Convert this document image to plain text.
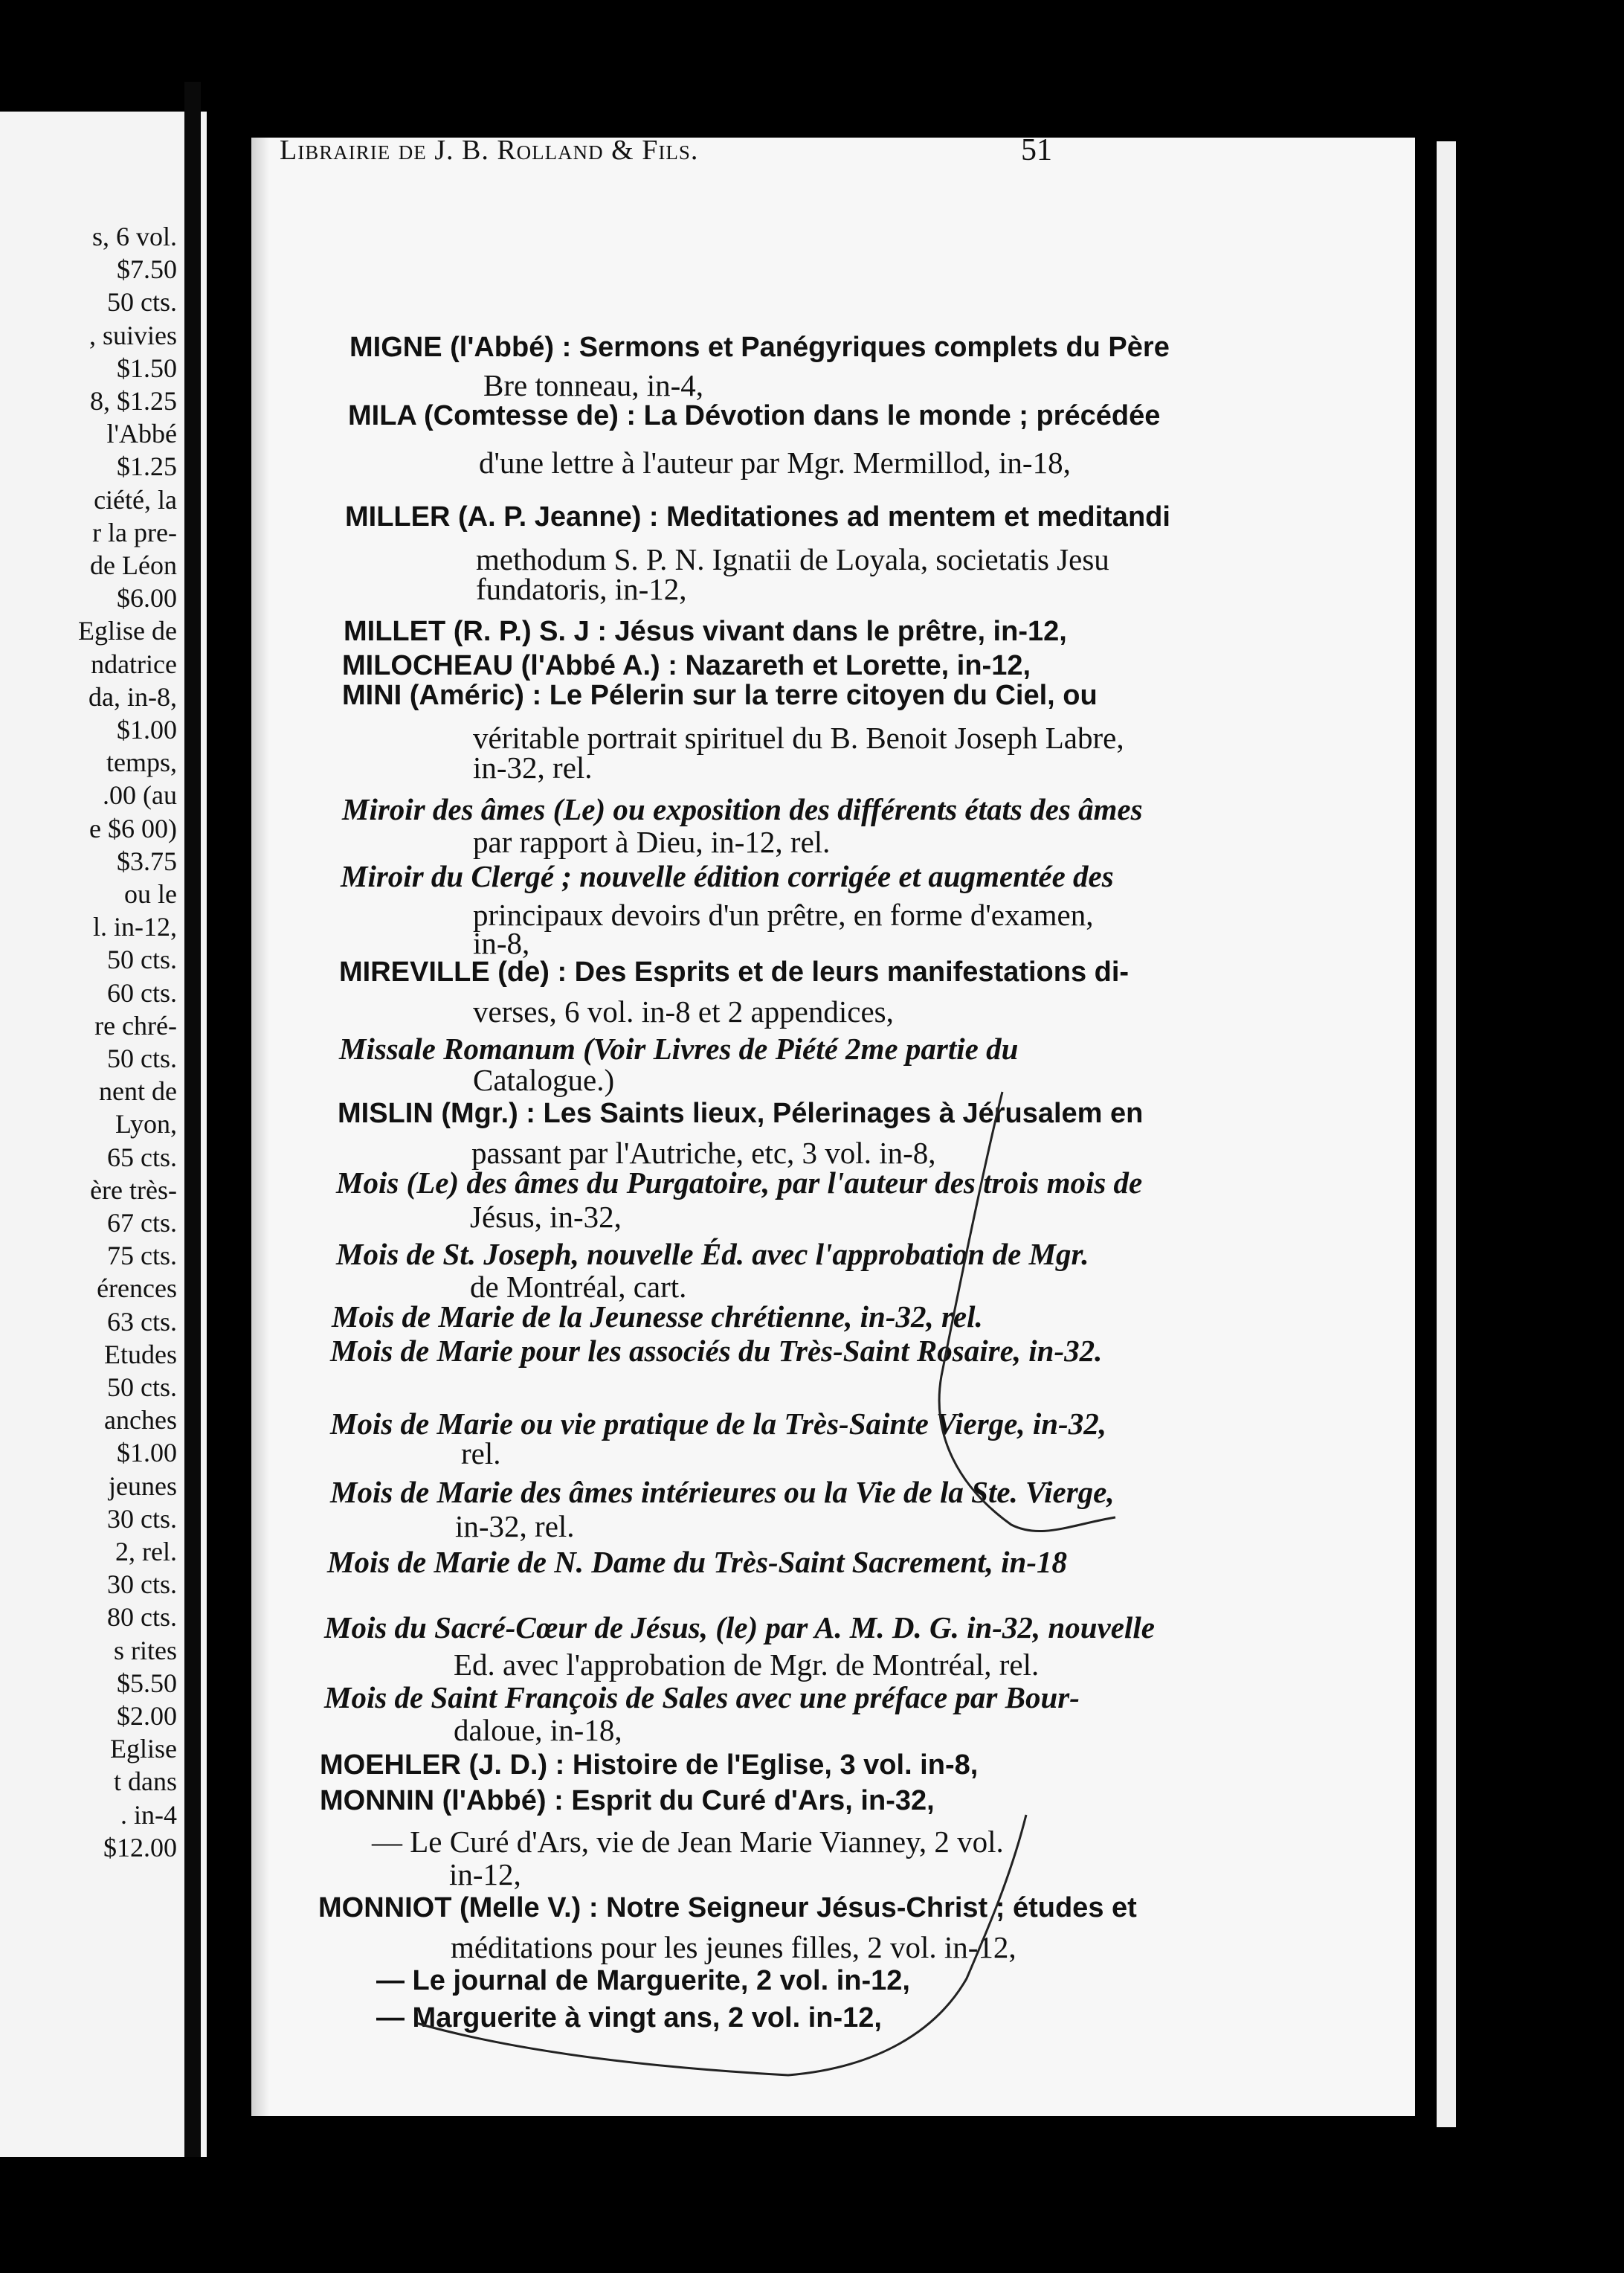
s, 6 vol.
$7.50
50 cts.
, suivies
$1.50
8, $1.25
l'Abbé
$1.25
ciété, la
r la pre-
de Léon
$6.00
Eglise de
ndatrice
da, in-8,
$1.00
temps,
.00 (au
e $6 00)
$3.75
ou le
l. in-12,
50 cts.
60 cts.
re chré-
50 cts.
nent de
Lyon,
65 cts.
ère très-
67 cts.
75 cts.
érences
63 cts.
Etudes
50 cts.
anches
$1.00
jeunes
30 cts.
2, rel.
30 cts.
80 cts.
s rites
$5.50
$2.00
Eglise
t dans
. in-4
$12.00
Librairie de J. B. Rolland & Fils.	51
MIGNE (l'Abbé) : Sermons et Panégyriques complets du Père
Bre tonneau, in-4,
MILA (Comtesse de) : La Dévotion dans le monde ; précédée
d'une lettre à l'auteur par Mgr. Mermillod, in-18,
MILLER (A. P. Jeanne) : Meditationes ad mentem et meditandi
methodum S. P. N. Ignatii de Loyala, societatis Jesu
fundatoris, in-12,
MILLET (R. P.) S. J : Jésus vivant dans le prêtre, in-12,
MILOCHEAU (l'Abbé A.) : Nazareth et Lorette, in-12,
MINI (Améric) : Le Pélerin sur la terre citoyen du Ciel, ou
véritable portrait spirituel du B. Benoit Joseph Labre,
in-32, rel.
Miroir des âmes (Le) ou exposition des différents états des âmes
par rapport à Dieu, in-12, rel.
Miroir du Clergé ; nouvelle édition corrigée et augmentée des
principaux devoirs d'un prêtre, en forme d'examen,
in-8,
MIREVILLE (de) : Des Esprits et de leurs manifestations di-
verses, 6 vol. in-8 et 2 appendices,
Missale Romanum (Voir Livres de Piété 2me partie du
Catalogue.)
MISLIN (Mgr.) : Les Saints lieux, Pélerinages à Jérusalem en
passant par l'Autriche, etc, 3 vol. in-8,
Mois (Le) des âmes du Purgatoire, par l'auteur des trois mois de
Jésus, in-32,
Mois de St. Joseph, nouvelle Éd. avec l'approbation de Mgr.
de Montréal, cart.
Mois de Marie de la Jeunesse chrétienne, in-32, rel.
Mois de Marie pour les associés du Très-Saint Rosaire, in-32.
Mois de Marie ou vie pratique de la Très-Sainte Vierge, in-32,
rel.
Mois de Marie des âmes intérieures ou la Vie de la Ste. Vierge,
in-32, rel.
Mois de Marie de N. Dame du Très-Saint Sacrement, in-18
Mois du Sacré-Cœur de Jésus, (le) par A. M. D. G. in-32, nouvelle
Ed. avec l'approbation de Mgr. de Montréal, rel.
Mois de Saint François de Sales avec une préface par Bour-
daloue, in-18,
MOEHLER (J. D.) : Histoire de l'Eglise, 3 vol. in-8,
MONNIN (l'Abbé) : Esprit du Curé d'Ars, in-32,
— Le Curé d'Ars, vie de Jean Marie Vianney, 2 vol.
in-12,
MONNIOT (Melle V.) : Notre Seigneur Jésus-Christ ; études et
méditations pour les jeunes filles, 2 vol. in-12,
— Le journal de Marguerite, 2 vol. in-12,
— Marguerite à vingt ans, 2 vol. in-12,
